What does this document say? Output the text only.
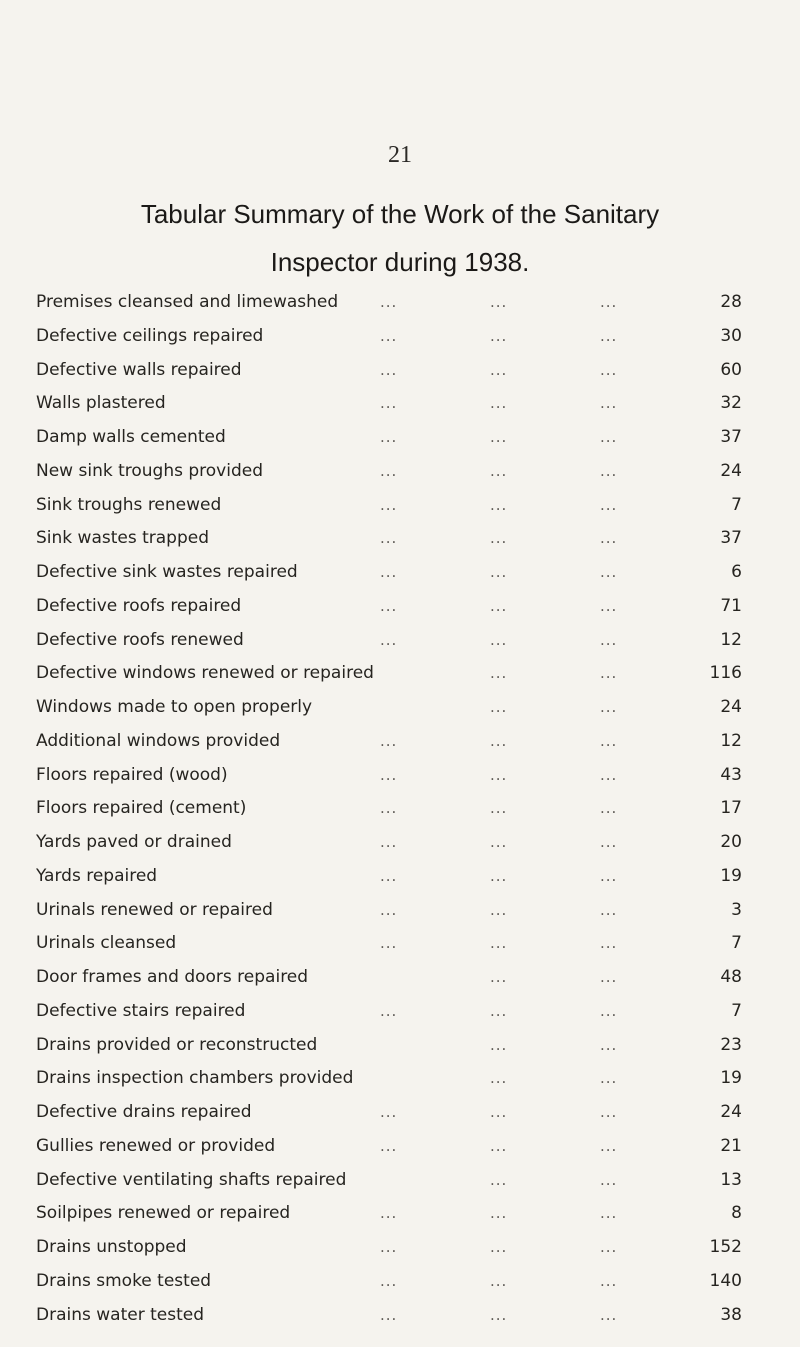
21
Tabular Summary of the Work of the Sanitary
Inspector during 1938.
Premises cleansed and limewashed	...	...	...	28
Defective ceilings repaired	...	...	...	30
Defective walls repaired	...	...	...	60
Walls plastered	...	...	...	32
Damp walls cemented	...	...	...	37
New sink troughs provided	...	...	...	24
Sink troughs renewed	...	...	...	7
Sink wastes trapped	...	...	...	37
Defective sink wastes repaired	...	...	...	6
Defective roofs repaired	...	...	...	71
Defective roofs renewed	...	...	...	12
Defective windows renewed or repaired	...	...	116
Windows made to open properly	...	...	24
Additional windows provided	...	...	...	12
Floors repaired (wood)	...	...	...	43
Floors repaired (cement)	...	...	...	17
Yards paved or drained	...	...	...	20
Yards repaired	...	...	...	19
Urinals renewed or repaired	...	...	...	3
Urinals cleansed	...	...	...	7
Door frames and doors repaired	...	...	48
Defective stairs repaired	...	...	...	7
Drains provided or reconstructed	...	...	23
Drains inspection chambers provided	...	...	19
Defective drains repaired	...	...	...	24
Gullies renewed or provided	...	...	...	21
Defective ventilating shafts repaired	...	...	13
Soilpipes renewed or repaired	...	...	...	8
Drains unstopped	...	...	...	152
Drains smoke tested	...	...	...	140
Drains water tested	...	...	...	38
